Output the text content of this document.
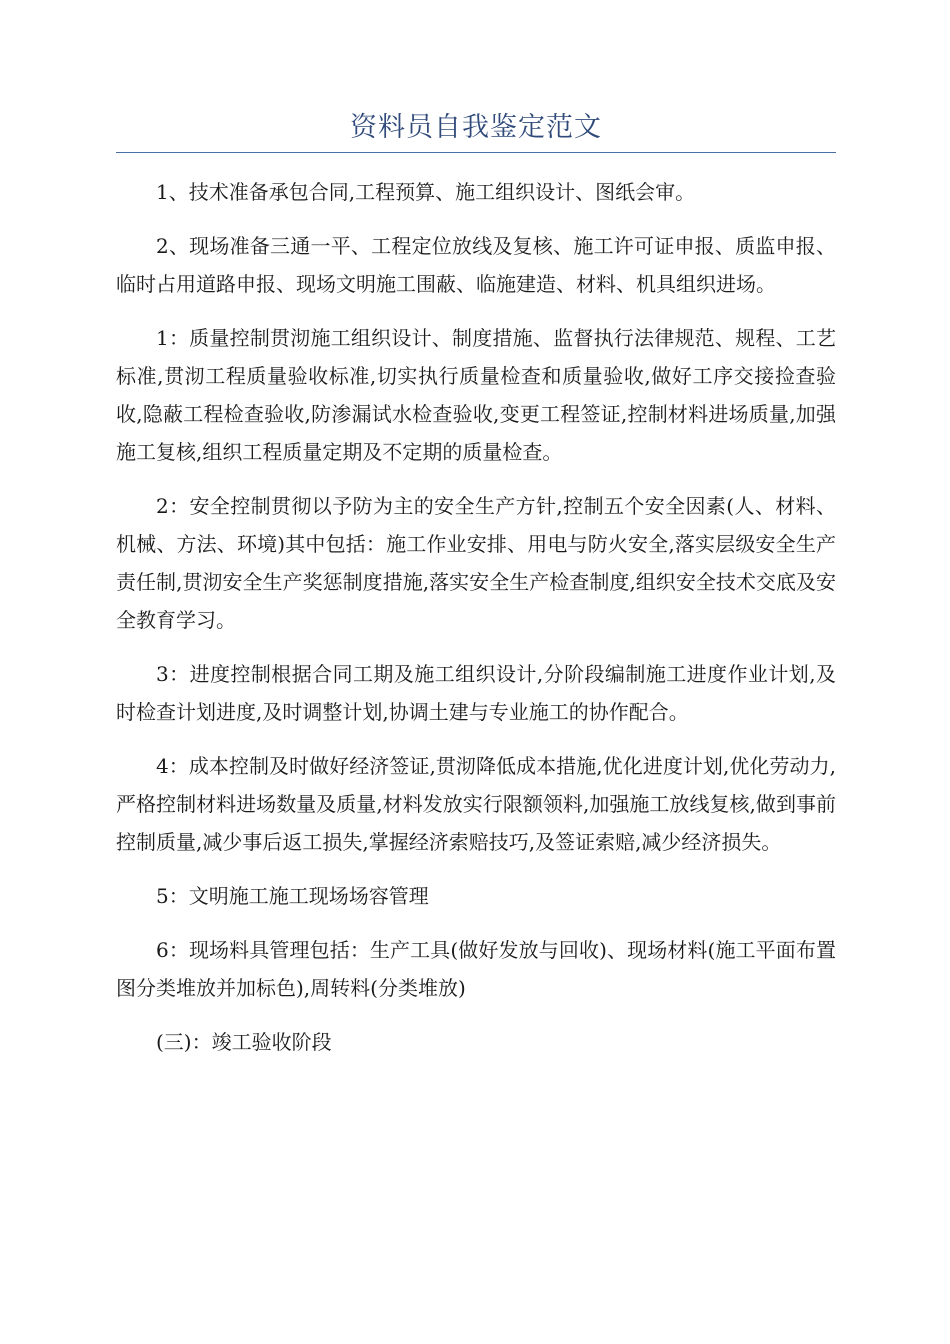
资料员自我鉴定范文

1、技术准备承包合同,工程预算、施工组织设计、图纸会审。

2、现场准备三通一平、工程定位放线及复核、施工许可证申报、质监申报、临时占用道路申报、现场文明施工围蔽、临施建造、材料、机具组织进场。

1：质量控制贯沏施工组织设计、制度措施、监督执行法律规范、规程、工艺标准,贯沏工程质量验收标准,切实执行质量检查和质量验收,做好工序交接捡查验收,隐蔽工程检查验收,防渗漏试水检查验收,变更工程签证,控制材料进场质量,加强施工复核,组织工程质量定期及不定期的质量检查。

2：安全控制贯彻以予防为主的安全生产方针,控制五个安全因素(人、材料、机械、方法、环境)其中包括：施工作业安排、用电与防火安全,落实层级安全生产责任制,贯沏安全生产奖惩制度措施,落实安全生产检查制度,组织安全技术交底及安全教育学习。

3：进度控制根据合同工期及施工组织设计,分阶段编制施工进度作业计划,及时检查计划进度,及时调整计划,协调土建与专业施工的协作配合。

4：成本控制及时做好经济签证,贯沏降低成本措施,优化进度计划,优化劳动力,严格控制材料进场数量及质量,材料发放实行限额领料,加强施工放线复核,做到事前控制质量,减少事后返工损失,掌握经济索赔技巧,及签证索赔,减少经济损失。

5：文明施工施工现场场容管理

6：现场料具管理包括：生产工具(做好发放与回收)、现场材料(施工平面布置图分类堆放并加标色),周转料(分类堆放)

(三)：竣工验收阶段
